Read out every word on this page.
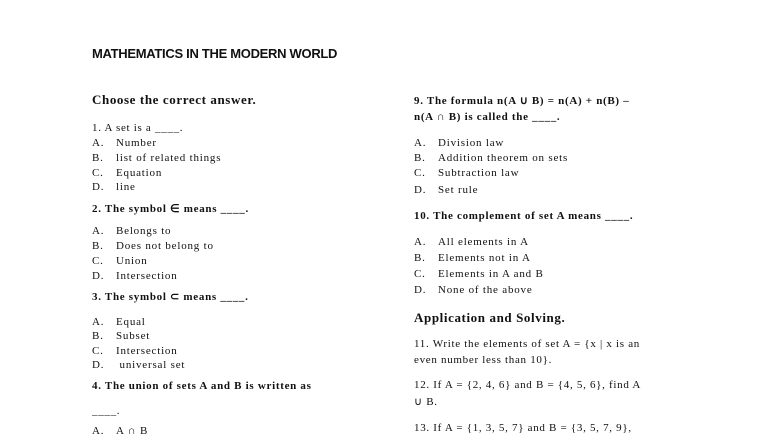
MATHEMATICS IN THE MODERN WORLD
Choose the correct answer.
1. A set is a ____.
A. Number
B. list of related things
C. Equation
D. line
2. The symbol ∈ means ____.
A. Belongs to
B. Does not belong to
C. Union
D. Intersection
3. The symbol ⊂ means ____.
A. Equal
B. Subset
C. Intersection
D. universal set
4. The union of sets A and B is written as
____.
A. A ∩ B
9. The formula n(A ∪ B) = n(A) + n(B) –
n(A ∩ B) is called the ____.
A. Division law
B. Addition theorem on sets
C. Subtraction law
D. Set rule
10. The complement of set A means ____.
A. All elements in A
B. Elements not in A
C. Elements in A and B
D. None of the above
Application and Solving.
11. Write the elements of set A = {x | x is an
even number less than 10}.
12. If A = {2, 4, 6} and B = {4, 5, 6}, find A
∪ B.
13. If A = {1, 3, 5, 7} and B = {3, 5, 7, 9},
